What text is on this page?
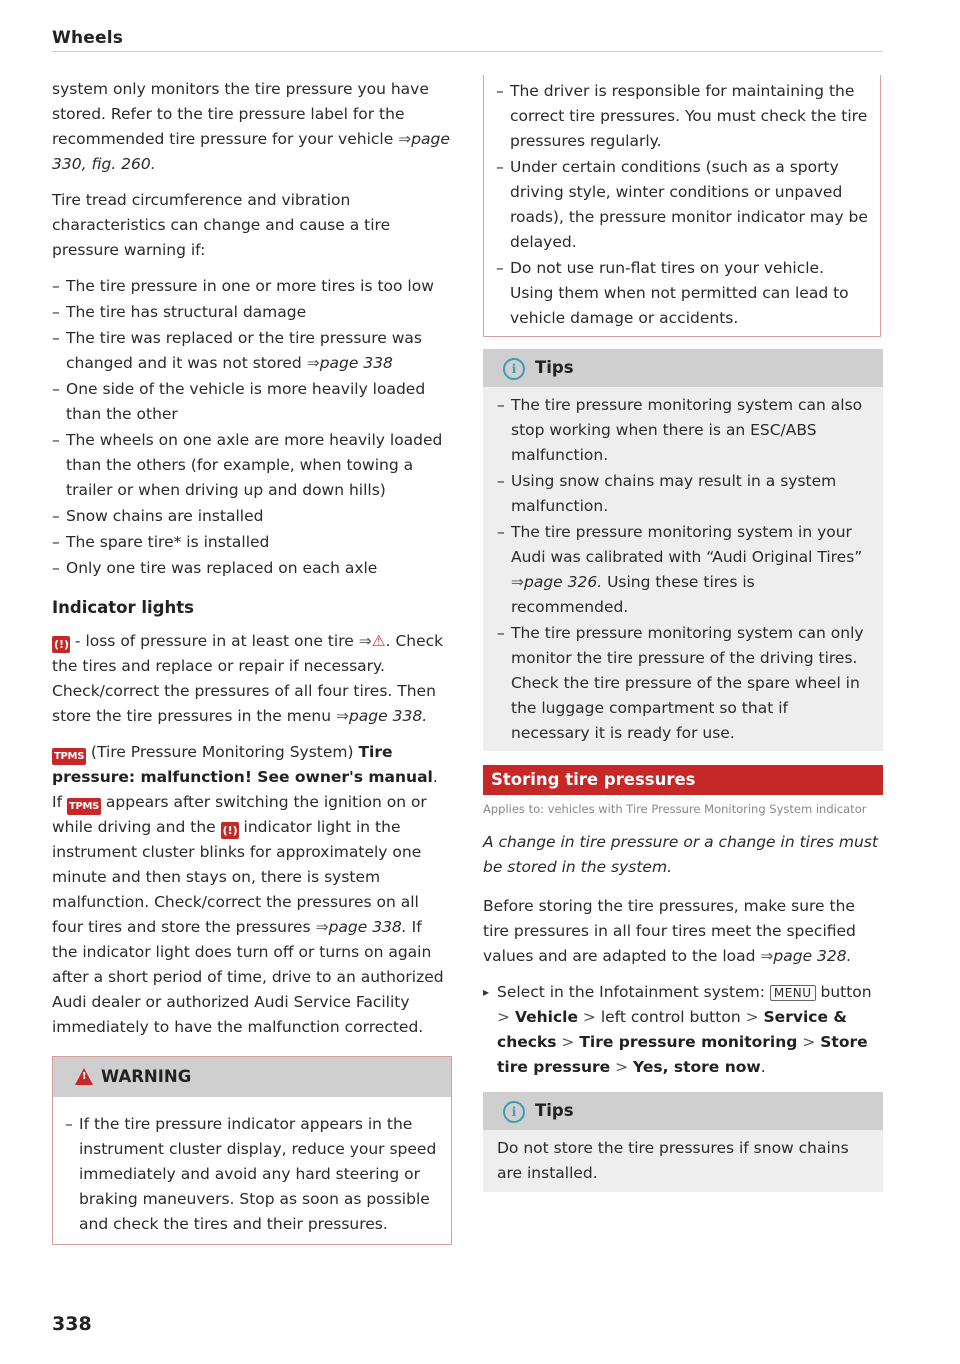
Wheels

system only monitors the tire pressure you have stored. Refer to the tire pressure label for the recommended tire pressure for your vehicle ⇒page 330, fig. 260.

Tire tread circumference and vibration characteristics can change and cause a tire pressure warning if:

– The tire pressure in one or more tires is too low
– The tire has structural damage
– The tire was replaced or the tire pressure was changed and it was not stored ⇒page 338
– One side of the vehicle is more heavily loaded than the other
– The wheels on one axle are more heavily loaded than the others (for example, when towing a trailer or when driving up and down hills)
– Snow chains are installed
– The spare tire* is installed
– Only one tire was replaced on each axle
Indicator lights

(!) - loss of pressure in at least one tire ⇒⚠. Check the tires and replace or repair if necessary. Check/correct the pressures of all four tires. Then store the tire pressures in the menu ⇒page 338.

TPMS (Tire Pressure Monitoring System) Tire pressure: malfunction! See owner's manual. If TPMS appears after switching the ignition on or while driving and the (!) indicator light in the instrument cluster blinks for approximately one minute and then stays on, there is system malfunction. Check/correct the pressures on all four tires and store the pressures ⇒page 338. If the indicator light does turn off or turns on again after a short period of time, drive to an authorized Audi dealer or authorized Audi Service Facility immediately to have the malfunction corrected.

! WARNING
– If the tire pressure indicator appears in the instrument cluster display, reduce your speed immediately and avoid any hard steering or braking maneuvers. Stop as soon as possible and check the tires and their pressures.
338
– The driver is responsible for maintaining the correct tire pressures. You must check the tire pressures regularly.
– Under certain conditions (such as a sporty driving style, winter conditions or unpaved roads), the pressure monitor indicator may be delayed.
– Do not use run-flat tires on your vehicle. Using them when not permitted can lead to vehicle damage or accidents.
i Tips
– The tire pressure monitoring system can also stop working when there is an ESC/ABS malfunction.
– Using snow chains may result in a system malfunction.
– The tire pressure monitoring system in your Audi was calibrated with “Audi Original Tires” ⇒page 326. Using these tires is recommended.
– The tire pressure monitoring system can only monitor the tire pressure of the driving tires. Check the tire pressure of the spare wheel in the luggage compartment so that if necessary it is ready for use.
Storing tire pressures
Applies to: vehicles with Tire Pressure Monitoring System indicator

A change in tire pressure or a change in tires must be stored in the system.

Before storing the tire pressures, make sure the tire pressures in all four tires meet the specified values and are adapted to the load ⇒page 328.

▸ Select in the Infotainment system: MENU button > Vehicle > left control button > Service & checks > Tire pressure monitoring > Store tire pressure > Yes, store now.

i Tips

Do not store the tire pressures if snow chains are installed.
